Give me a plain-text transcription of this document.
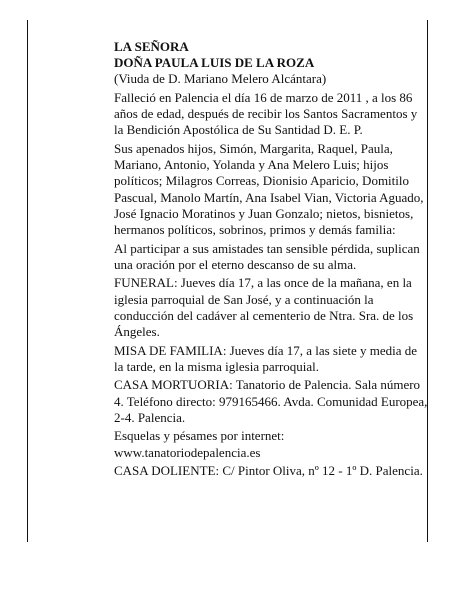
LA SEÑORA
DOÑA PAULA LUIS DE LA ROZA

(Viuda de D. Mariano Melero Alcántara)

Falleció en Palencia el día 16 de marzo de 2011 , a los 86 años de edad, después de recibir los Santos Sacramentos y la Bendición Apostólica de Su Santidad D. E. P.

Sus apenados hijos, Simón, Margarita, Raquel, Paula, Mariano, Antonio, Yolanda y Ana Melero Luis; hijos políticos; Milagros Correas, Dionisio Aparicio, Domitilo Pascual, Manolo Martín, Ana Isabel Vian, Victoria Aguado, José Ignacio Moratinos y Juan Gonzalo; nietos, bisnietos, hermanos políticos, sobrinos, primos y demás familia:

Al participar a sus amistades tan sensible pérdida, suplican una oración por el eterno descanso de su alma.

FUNERAL: Jueves día 17, a las once de la mañana, en la iglesia parroquial de San José, y a continuación la conducción del cadáver al cementerio de Ntra. Sra. de los Ángeles.

MISA DE FAMILIA: Jueves día 17, a las siete y media de la tarde, en la misma iglesia parroquial.

CASA MORTUORIA: Tanatorio de Palencia. Sala número 4. Teléfono directo: 979165466. Avda. Comunidad Europea, 2-4. Palencia.

Esquelas y pésames por internet: www.tanatoriodepalencia.es

CASA DOLIENTE: C/ Pintor Oliva, nº 12 - 1º D. Palencia.
